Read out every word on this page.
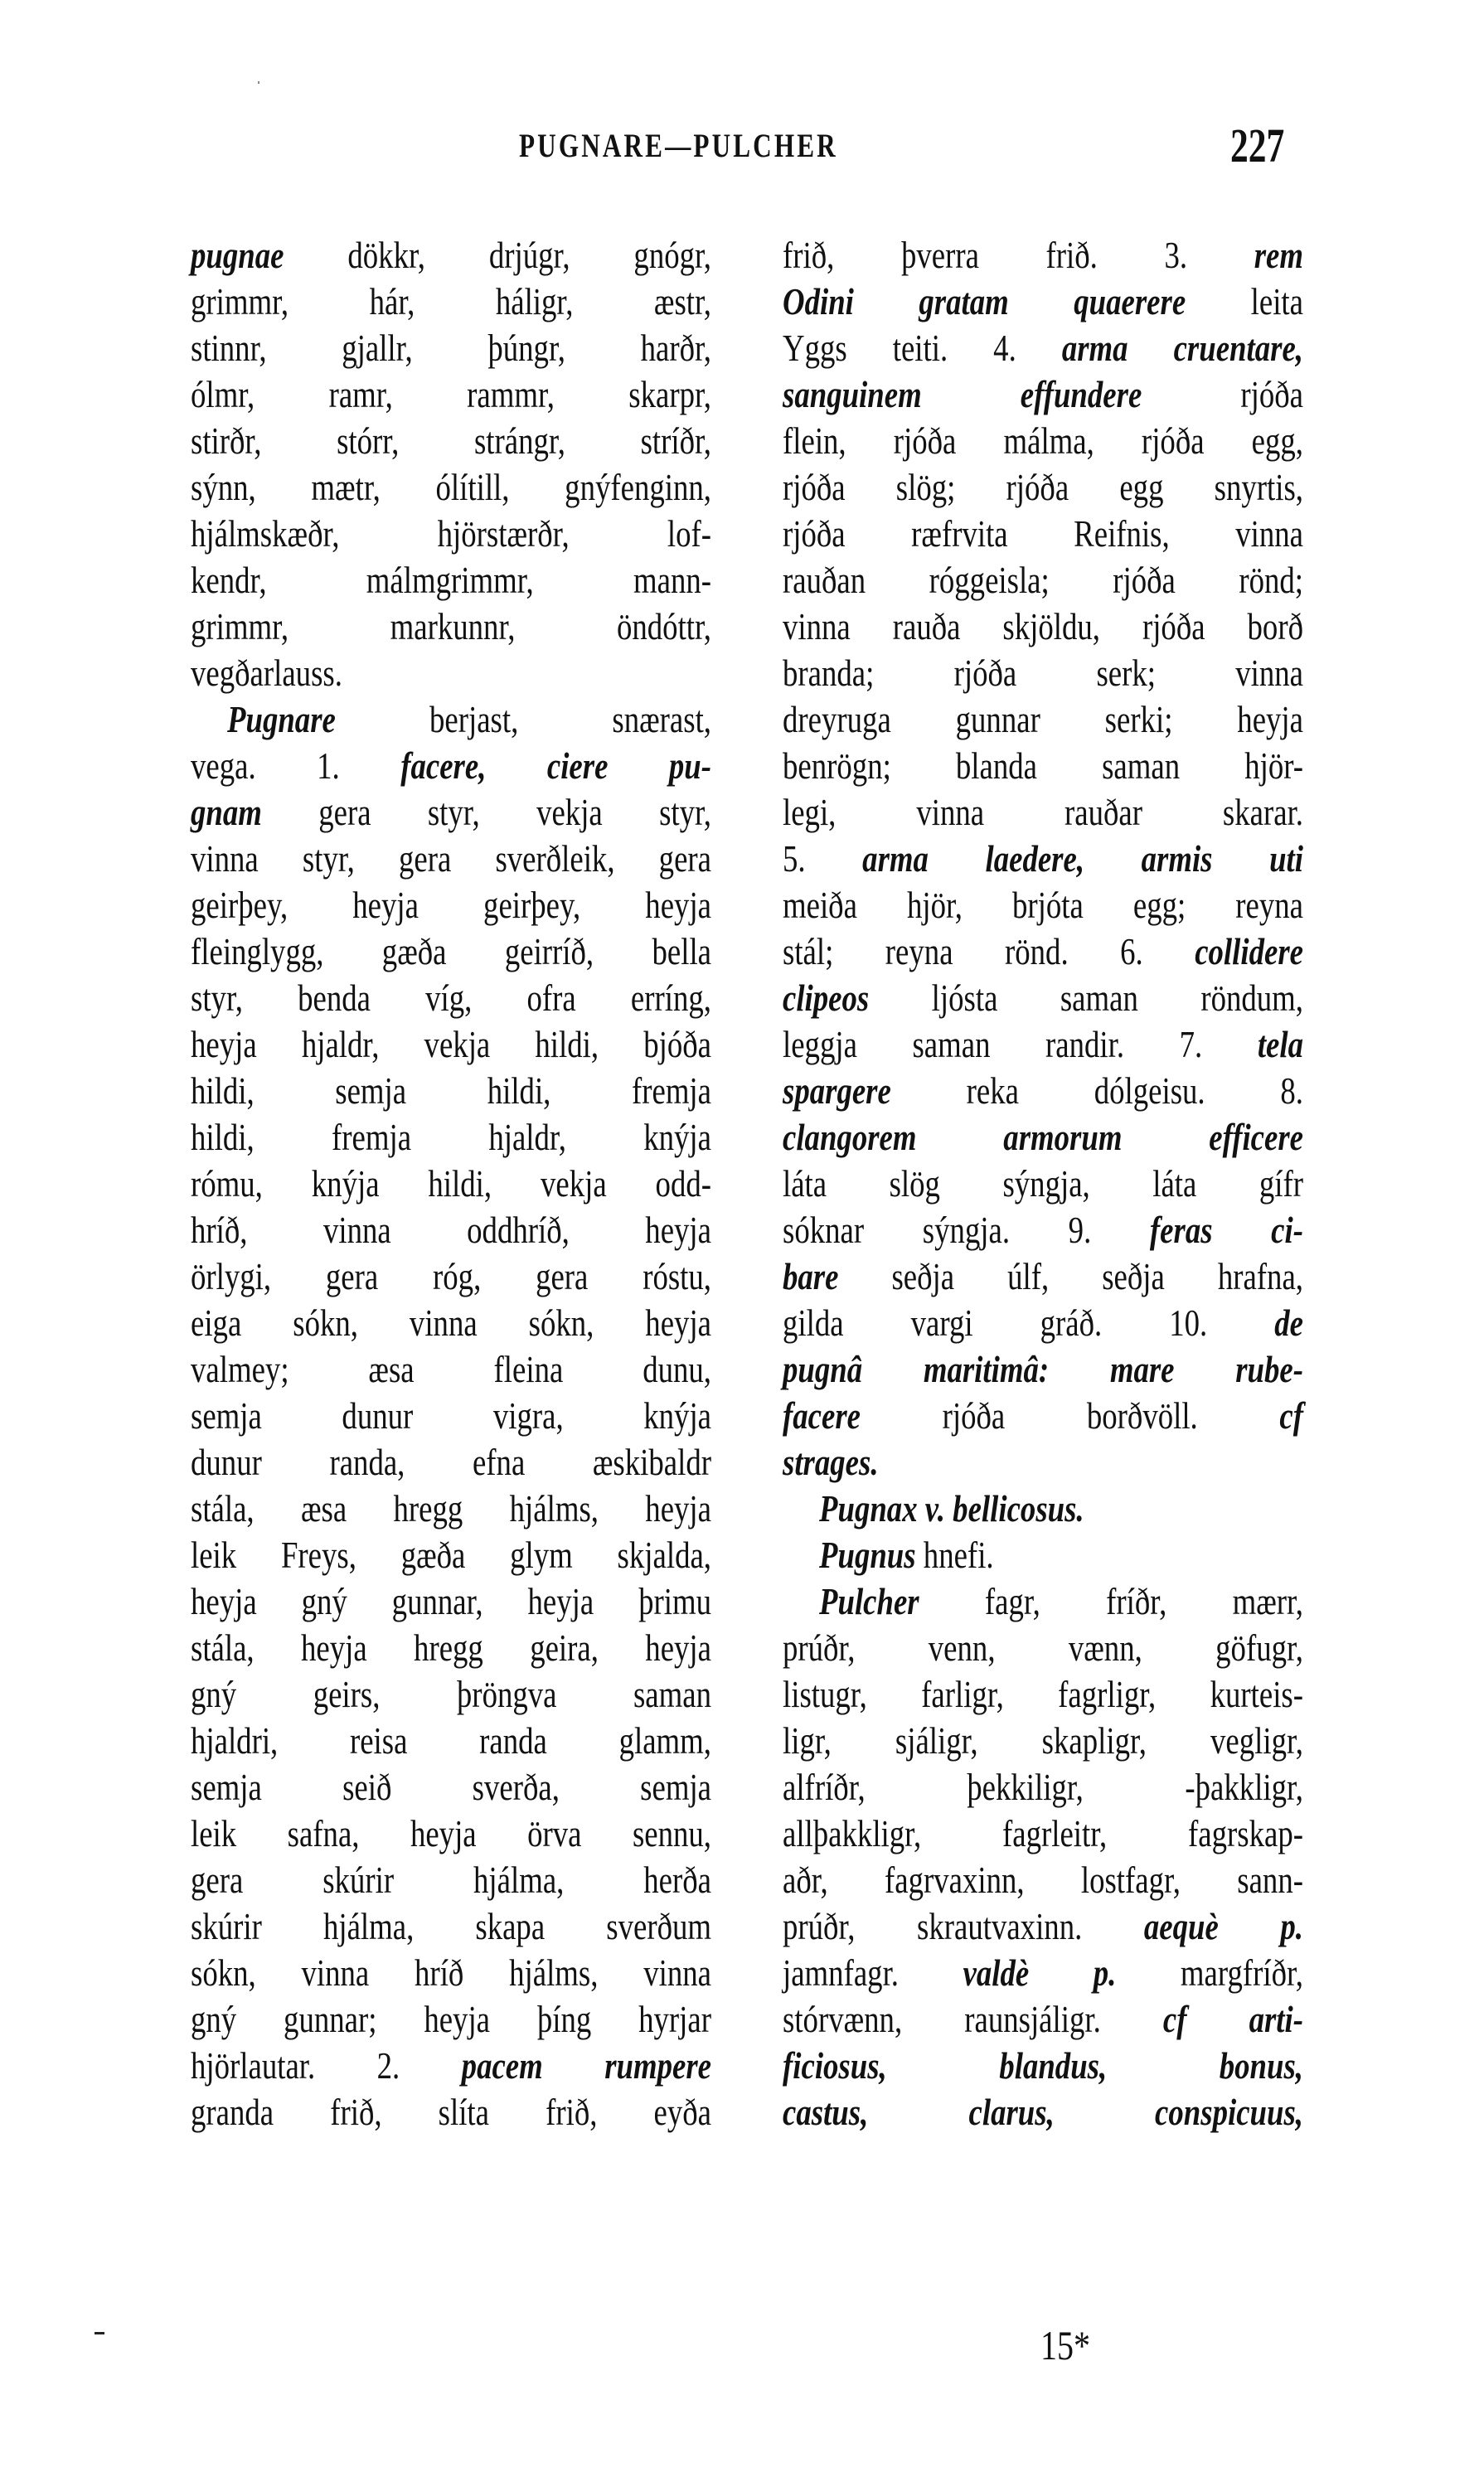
PUGNARE—PULCHER	227
pugnae dökkr, drjúgr, gnógr,
grimmr, hár, háligr, æstr,
stinnr, gjallr, þúngr, harðr,
ólmr, ramr, rammr, skarpr,
stirðr, stórr, strángr, stríðr,
sýnn, mætr, ólítill, gnýfenginn,
hjálmskæðr, hjörstærðr, lof-
kendr, málmgrimmr, mann-
grimmr, markunnr, öndóttr,
vegðarlauss.
Pugnare berjast, snærast,
vega. 1. facere, ciere pu-
gnam gera styr, vekja styr,
vinna styr, gera sverðleik, gera
geirþey, heyja geirþey, heyja
fleinglygg, gæða geirríð, bella
styr, benda víg, ofra erríng,
heyja hjaldr, vekja hildi, bjóða
hildi, semja hildi, fremja
hildi, fremja hjaldr, knýja
rómu, knýja hildi, vekja odd-
hríð, vinna oddhríð, heyja
örlygi, gera róg, gera róstu,
eiga sókn, vinna sókn, heyja
valmey; æsa fleina dunu,
semja dunur vigra, knýja
dunur randa, efna æskibaldr
stála, æsa hregg hjálms, heyja
leik Freys, gæða glym skjalda,
heyja gný gunnar, heyja þrimu
stála, heyja hregg geira, heyja
gný geirs, þröngva saman
hjaldri, reisa randa glamm,
semja seið sverða, semja
leik safna, heyja örva sennu,
gera skúrir hjálma, herða
skúrir hjálma, skapa sverðum
sókn, vinna hríð hjálms, vinna
gný gunnar; heyja þíng hyrjar
hjörlautar. 2. pacem rumpere
granda frið, slíta frið, eyða
frið, þverra frið. 3. rem
Odini gratam quaerere leita
Yggs teiti. 4. arma cruentare,
sanguinem effundere rjóða
flein, rjóða málma, rjóða egg,
rjóða slög; rjóða egg snyrtis,
rjóða ræfrvita Reifnis, vinna
rauðan róggeisla; rjóða rönd;
vinna rauða skjöldu, rjóða borð
branda; rjóða serk; vinna
dreyruga gunnar serki; heyja
benrögn; blanda saman hjör-
legi, vinna rauðar skarar.
5. arma laedere, armis uti
meiða hjör, brjóta egg; reyna
stál; reyna rönd. 6. collidere
clipeos ljósta saman röndum,
leggja saman randir. 7. tela
spargere reka dólgeisu. 8.
clangorem armorum efficere
láta slög sýngja, láta gífr
sóknar sýngja. 9. feras ci-
bare seðja úlf, seðja hrafna,
gilda vargi gráð. 10. de
pugnâ maritimâ: mare rube-
facere rjóða borðvöll. cf
strages.
Pugnax v. bellicosus.
Pugnus hnefi.
Pulcher fagr, fríðr, mærr,
prúðr, venn, vænn, göfugr,
listugr, farligr, fagrligr, kurteis-
ligr, sjáligr, skapligr, vegligr,
alfríðr, þekkiligr, -þakkligr,
allþakkligr, fagrleitr, fagrskap-
aðr, fagrvaxinn, lostfagr, sann-
prúðr, skrautvaxinn. aequè p.
jamnfagr. valdè p. margfríðr,
stórvænn, raunsjáligr. cf arti-
ficiosus, blandus, bonus,
castus, clarus, conspicuus,
15*
